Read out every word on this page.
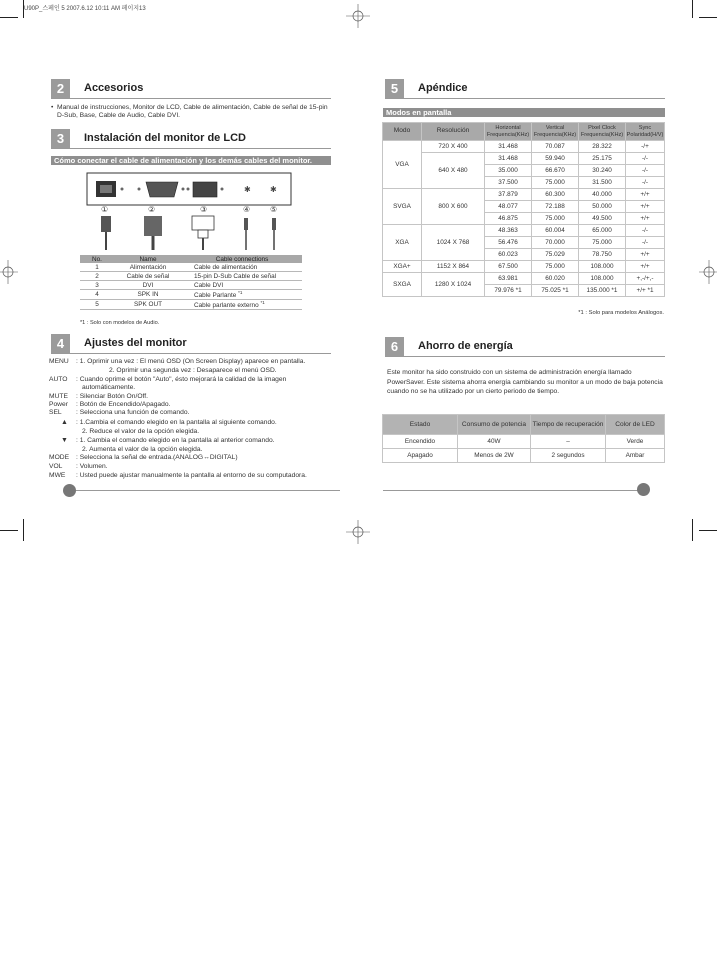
U90P_스페인 5 2007.6.12 10:11 AM 페이지13
2	Accesorios
• Manual de instrucciones, Monitor de LCD, Cable de alimentación, Cable de señal de 15-pin D-Sub, Base, Cable de Audio, Cable DVI.
3	Instalación del monitor de LCD
Cómo conectar el cable de alimentación y los demás cables del monitor.
✱ ✱
①	②	③	④ ⑤
No.	Name	Cable connections
1	Alimentación	Cable de alimentación
2	Cable de señal	15-pin D-Sub Cable de señal
3	DVI	Cable DVI
4	SPK IN	Cable Parlante $^{*1}$
5	SPK OUT	Cable parlante externo $^{*1}$
*1 : Solo con modelos de Audio.
4	Ajustes del monitor
MENU	: 1. Oprimir una vez : El menú OSD (On Screen Display) aparece en pantalla.
2. Oprimir una segunda vez : Desaparece el menú OSD.
AUTO	: Cuando oprime el botón "Auto", ésto mejorará la calidad de la imagen
automáticamente.
MUTE	: Silenciar Botón On/Off.
Power	: Botón de Encendido/Apagado.
SEL	: Selecciona una función de comando.
▲	: 1.Cambia el comando elegido en la pantalla al siguiente comando.
2. Reduce el valor de la opción elegida.
▼	: 1. Cambia el comando elegido en la pantalla al anterior comando.
2. Aumenta el valor de la opción elegida.
MODE	: Selecciona la señal de entrada.(ANALOG↔DIGITAL)
VOL	: Volumen.
MWE	: Usted puede ajustar manualmente la pantalla al entorno de su computadora.
5	Apéndice
Modos en pantalla
Modo	Resolución	Horizontal Frequencia(KHz)	Vertical Frequencia(KHz)	Pixel Clock Frequencia(KHz)	Sync Polaridad(H/V)
VGA	720 X 400	31.468	70.087	28.322	-/+
	640 X 480	31.468	59.940	25.175	-/-
		35.000	66.670	30.240	-/-
		37.500	75.000	31.500	-/-
SVGA	800 X 600	37.879	60.300	40.000	+/+
		48.077	72.188	50.000	+/+
		46.875	75.000	49.500	+/+
XGA	1024 X 768	48.363	60.004	65.000	-/-
		56.476	70.000	75.000	-/-
		60.023	75.029	78.750	+/+
XGA+	1152 X 864	67.500	75.000	108.000	+/+
SXGA	1280 X 1024	63.981	60.020	108.000	+,-/+,-
		79.976 *1	75.025 *1	135.000 *1	+/+ *1
*1 : Solo para modelos Análogos.
6	Ahorro de energía
Este monitor ha sido construido con un sistema de administración energía llamado PowerSaver. Este sistema ahorra energía cambiando su monitor a un modo de baja potencia cuando no se ha utilizado por un cierto periodo de tiempo.
Estado	Consumo de potencia	Tiempo de recuperación	Color de LED
Encendido	40W	–	Verde
Apagado	Menos de 2W	2 segundos	Ambar
